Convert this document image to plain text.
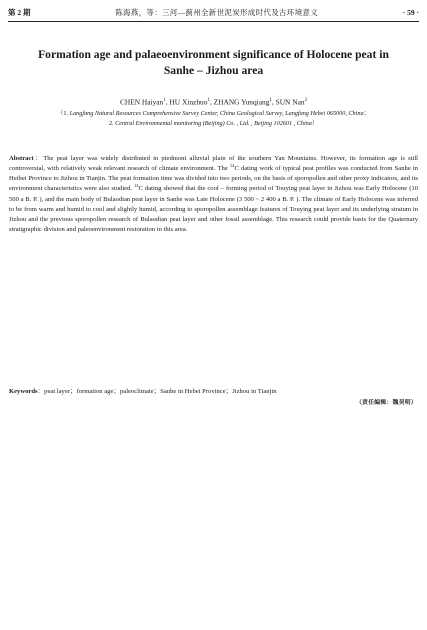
第 2 期	陈海燕，等：三河—蓟州全新世泥炭形成时代及古环境意义	· 59 ·
Formation age and palaeoenvironment significance of Holocene peat in
Sanhe – Jizhou area
CHEN Haiyan$^1$, HU Xinzhuo$^1$, ZHANG Yunqiang$^1$, SUN Nan$^2$
（1. Langfang Natural Resources Comprehensive Survey Center, China Geological Survey, Langfang Hebei 065000, China；
2. Central Environmental monitoring (Beijing) Co. , Ltd. , Beijing 102601 , China）
Abstract：The peat layer was widely distributed in piedmont alluvial plain of the southern Yan Mountains. However, its formation age is still controversial, with relatively weak relevant research of climate environment. The $^{14}$C dating work of typical peat profiles was conducted from Sanhe in Heibei Province to Jizhou in Tianjin. The peat formation time was divided into two periods, on the basis of sporopollen and other proxy indicators, and its environment characteristics were also studied. $^{14}$C dating showed that the cool – forming period of Touying peat layer in Jizhou was Early Holocene (10 500 a B. P. ), and the main body of Bulaodian peat layer in Sanhe was Late Holocene (3 500 ~ 2 400 a B. P. ). The climate of Early Holocene was inferred to be from warm and humid to cool and slightly humid, according to sporopollen assemblage features of Touying peat layer and its underlying stratum in Jizhou and the previous sporopollen research of Bulaodian peat layer and other fossil assemblage. This research could provide basis for the Quaternary stratigraphic division and paleoenvironment restoration in this area.
Keywords：peat layer；formation age；paleoclimate；Sanhe in Hebei Province；Jizhou in Tianjin
（责任编辑：魏昊明）
